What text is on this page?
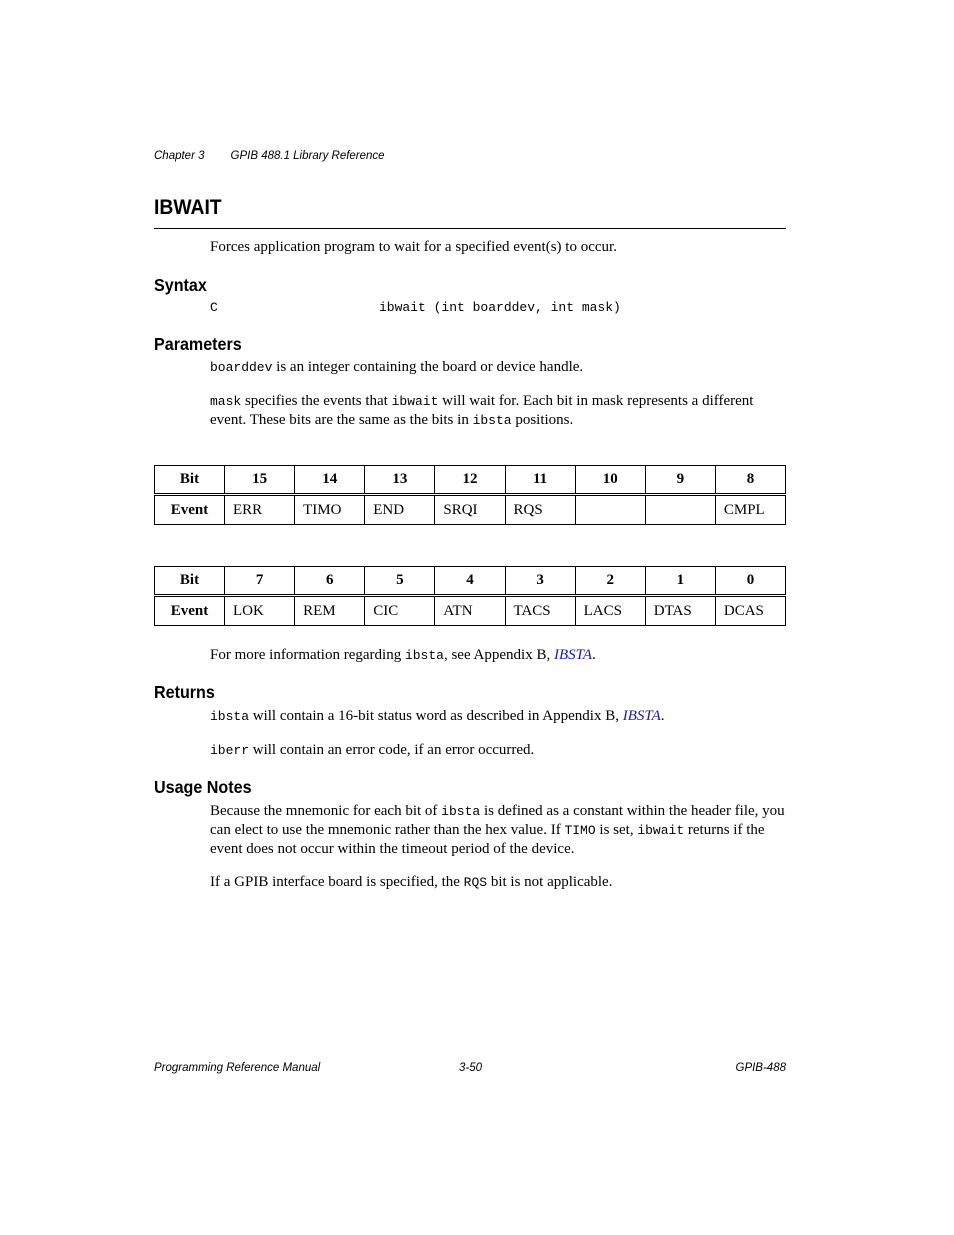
Chapter 3 GPIB 488.1 Library Reference
IBWAIT

Forces application program to wait for a specified event(s) to occur.

Syntax
C	ibwait (int boarddev, int mask)
Parameters

boarddev is an integer containing the board or device handle.

mask specifies the events that ibwait will wait for. Each bit in mask represents a different event. These bits are the same as the bits in ibsta positions.

Bit	15	14	13	12	11	10	9	8
Event	ERR	TIMO	END	SRQI	RQS			CMPL
Bit	7	6	5	4	3	2	1	0
Event	LOK	REM	CIC	ATN	TACS	LACS	DTAS	DCAS

For more information regarding ibsta, see Appendix B, IBSTA.

Returns

ibsta will contain a 16-bit status word as described in Appendix B, IBSTA.

iberr will contain an error code, if an error occurred.

Usage Notes

Because the mnemonic for each bit of ibsta is defined as a constant within the header file, you can elect to use the mnemonic rather than the hex value. If TIMO is set, ibwait returns if the event does not occur within the timeout period of the device.

If a GPIB interface board is specified, the RQS bit is not applicable.

Programming Reference Manual	3-50	GPIB-488
